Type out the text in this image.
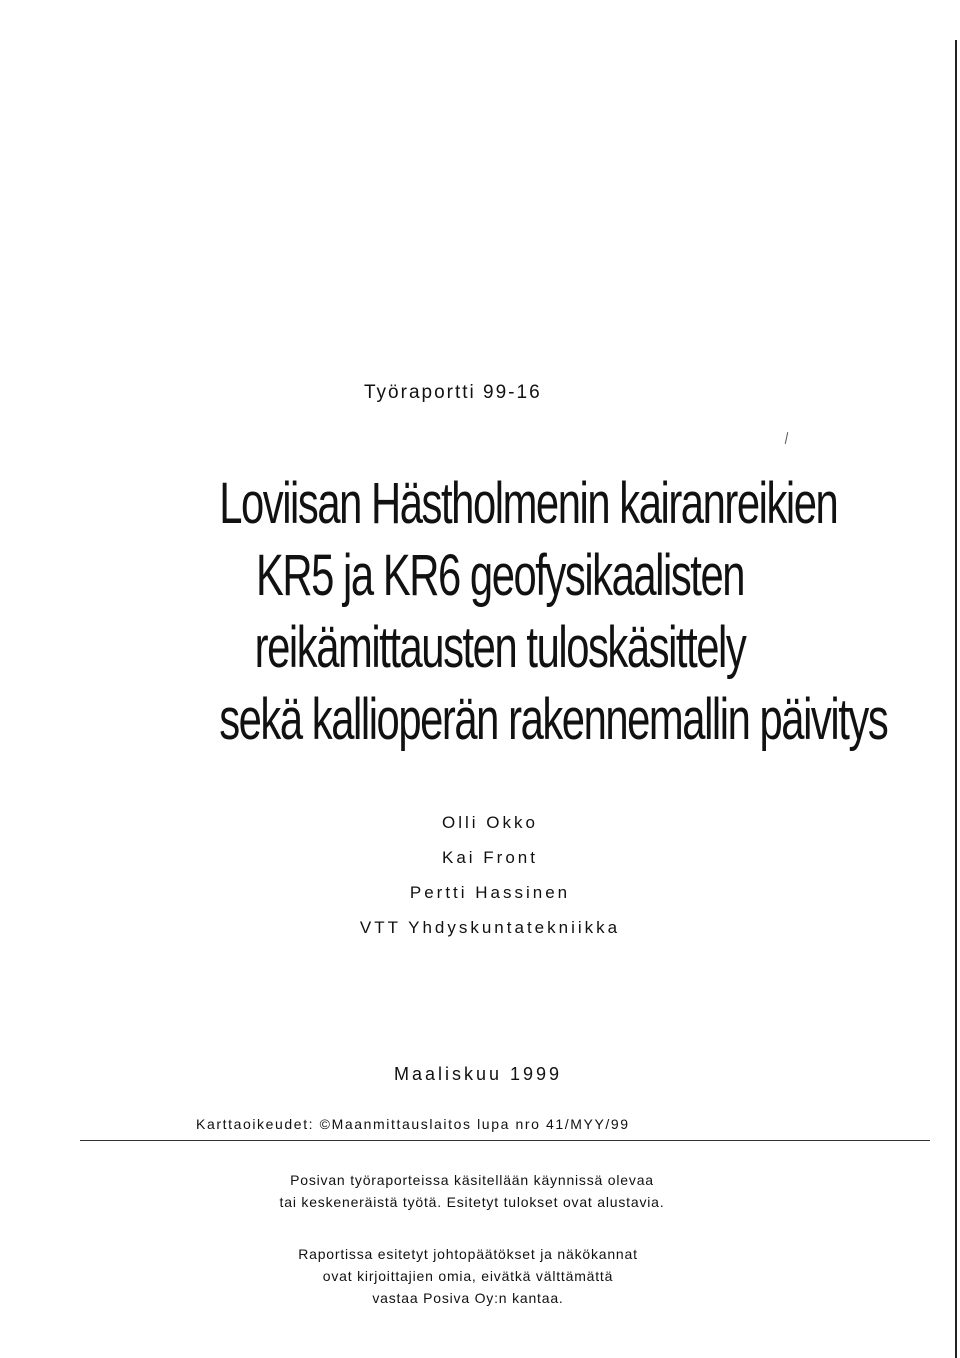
Työraportti 99-16
Loviisan Hästholmenin kairanreikien
KR5 ja KR6 geofysikaalisten
reikämittausten tuloskäsittely
sekä kallioperän rakennemallin päivitys
Olli Okko
Kai Front
Pertti Hassinen
VTT Yhdyskuntatekniikka
Maaliskuu 1999
Karttaoikeudet: ©Maanmittauslaitos lupa nro 41/MYY/99
Posivan työraporteissa käsitellään käynnissä olevaa
tai keskeneräistä työtä. Esitetyt tulokset ovat alustavia.
Raportissa esitetyt johtopäätökset ja näkökannat
ovat kirjoittajien omia, eivätkä välttämättä
vastaa Posiva Oy:n kantaa.
